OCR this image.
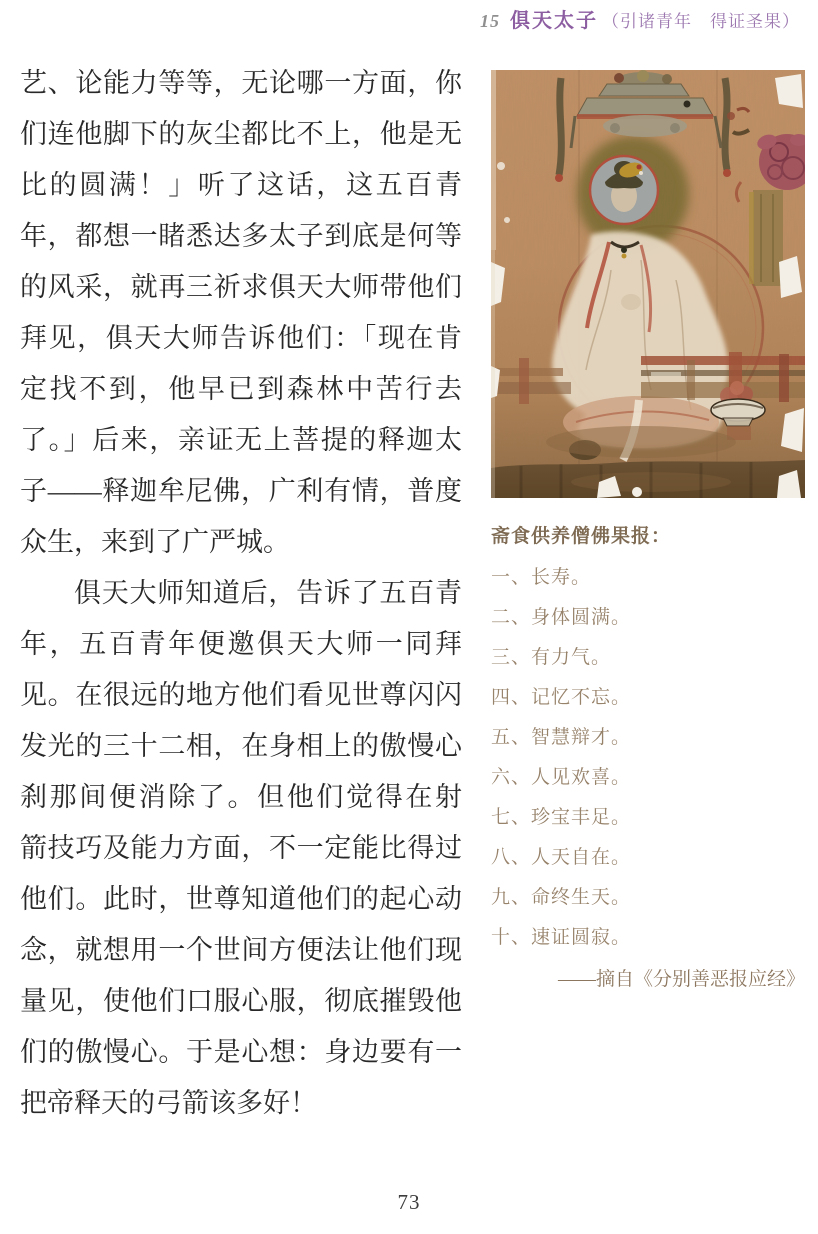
15 俱天太子 （引诸青年　得证圣果）
艺、论能力等等，无论哪一方面，你
们连他脚下的灰尘都比不上，他是无
比的圆满！」听了这话，这五百青
年，都想一睹悉达多太子到底是何等
的风采，就再三祈求俱天大师带他们
拜见，俱天大师告诉他们：「现在肯
定找不到，他早已到森林中苦行去
了。」后来，亲证无上菩提的释迦太
子——释迦牟尼佛，广利有情，普度
众生，来到了广严城。
俱天大师知道后，告诉了五百青
年，五百青年便邀俱天大师一同拜
见。在很远的地方他们看见世尊闪闪
发光的三十二相，在身相上的傲慢心
刹那间便消除了。但他们觉得在射
箭技巧及能力方面，不一定能比得过
他们。此时，世尊知道他们的起心动
念，就想用一个世间方便法让他们现
量见，使他们口服心服，彻底摧毁他
们的傲慢心。于是心想：身边要有一
把帝释天的弓箭该多好！
斋食供养僧佛果报：
一、长寿。
二、身体圆满。
三、有力气。
四、记忆不忘。
五、智慧辩才。
六、人见欢喜。
七、珍宝丰足。
八、人天自在。
九、命终生天。
十、速证圆寂。
——摘自《分别善恶报应经》
73
